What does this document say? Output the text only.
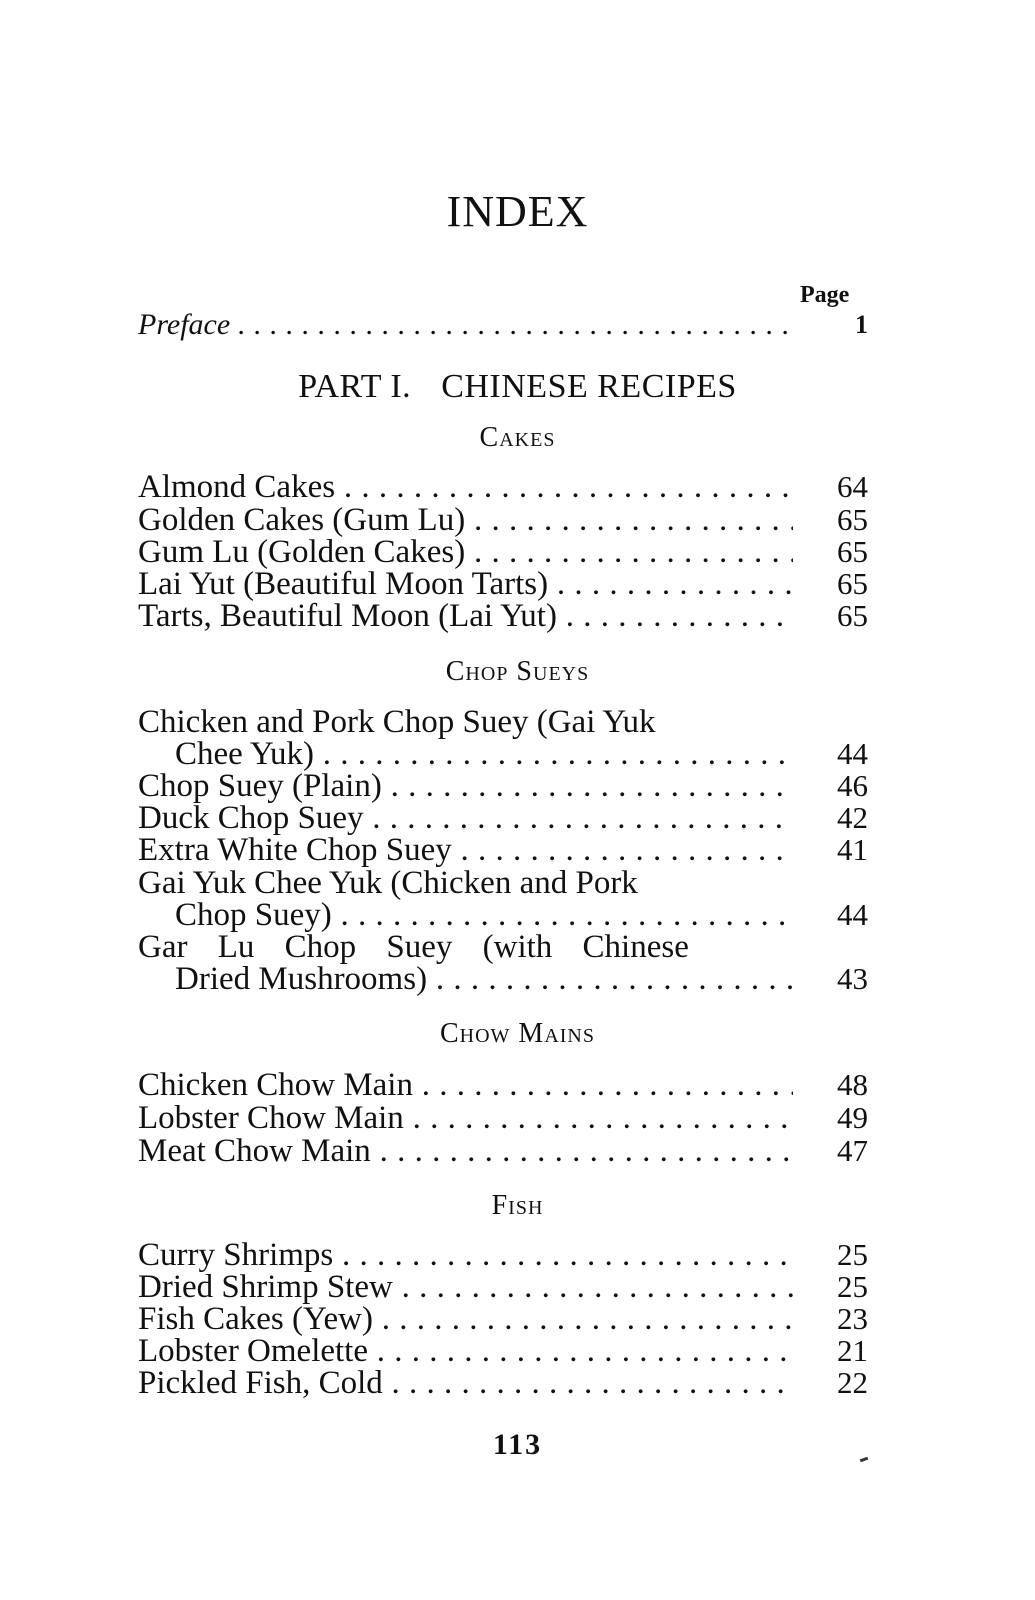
INDEX
Page
Preface . . .	1
PART I. CHINESE RECIPES
Cakes
Almond Cakes . . .	64
Golden Cakes (Gum Lu) . . .	65
Gum Lu (Golden Cakes) . . .	65
Lai Yut (Beautiful Moon Tarts) . . .	65
Tarts, Beautiful Moon (Lai Yut) . . .	65
Chop Sueys
Chicken and Pork Chop Suey (Gai Yuk
Chee Yuk) . . .	44
Chop Suey (Plain) . . .	46
Duck Chop Suey . . .	42
Extra White Chop Suey . . .	41
Gai Yuk Chee Yuk (Chicken and Pork
Chop Suey) . . .	44
Gar Lu Chop Suey (with Chinese
Dried Mushrooms) . . .	43
Chow Mains
Chicken Chow Main . . .	48
Lobster Chow Main . . .	49
Meat Chow Main . . .	47
Fish
Curry Shrimps . . .	25
Dried Shrimp Stew . . .	25
Fish Cakes (Yew) . . .	23
Lobster Omelette . . .	21
Pickled Fish, Cold . . .	22
113
